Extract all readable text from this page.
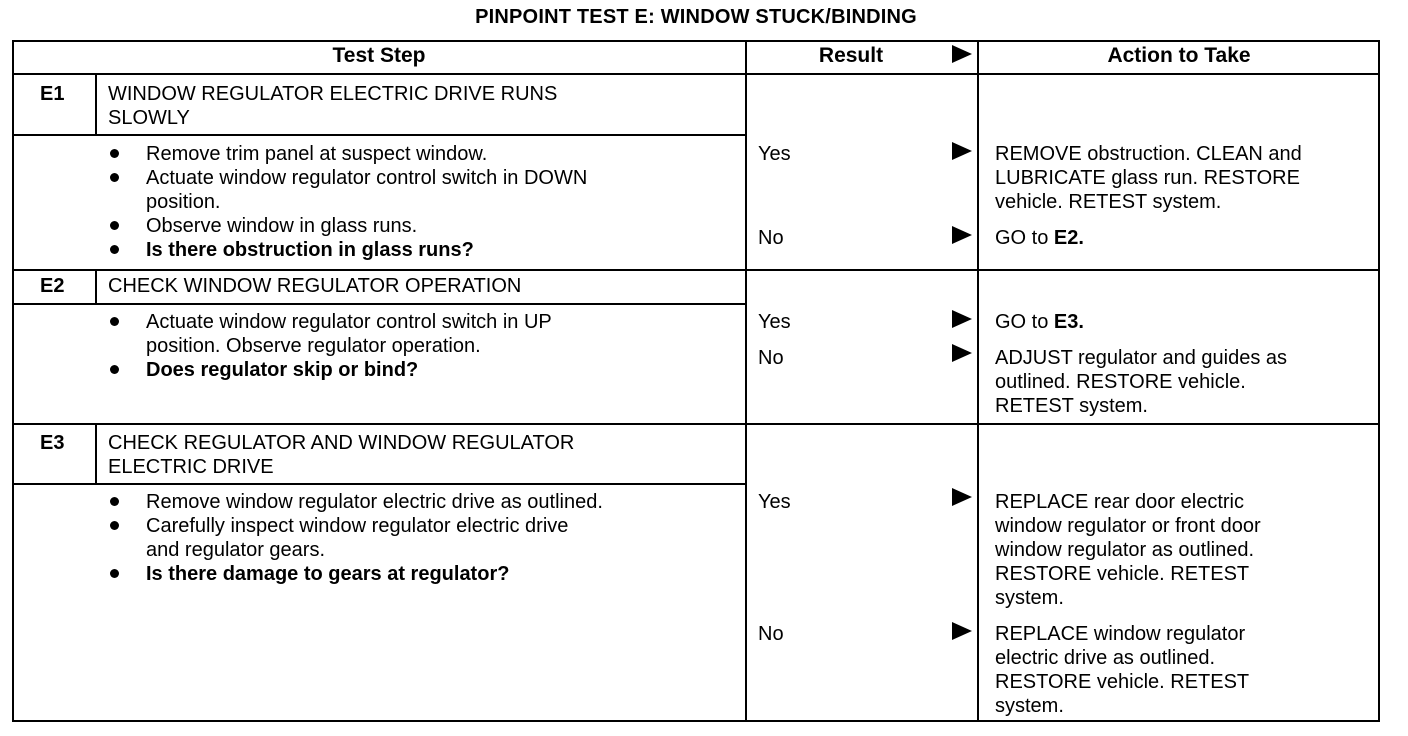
PINPOINT TEST E: WINDOW STUCK/BINDING
Test Step	Result	Action to Take
E1 WINDOW REGULATOR ELECTRIC DRIVE RUNS
SLOWLY
Remove trim panel at suspect window.
Actuate window regulator control switch in DOWN
position.
Observe window in glass runs.
Is there obstruction in glass runs?
Yes	REMOVE obstruction. CLEAN and
LUBRICATE glass run. RESTORE
vehicle. RETEST system.
No	GO to E2.
E2 CHECK WINDOW REGULATOR OPERATION
Actuate window regulator control switch in UP
position. Observe regulator operation.
Does regulator skip or bind?
Yes	GO to E3.
No	ADJUST regulator and guides as
outlined. RESTORE vehicle.
RETEST system.
E3 CHECK REGULATOR AND WINDOW REGULATOR
ELECTRIC DRIVE
Remove window regulator electric drive as outlined.
Carefully inspect window regulator electric drive
and regulator gears.
Is there damage to gears at regulator?
Yes	REPLACE rear door electric
window regulator or front door
window regulator as outlined.
RESTORE vehicle. RETEST
system.
No	REPLACE window regulator
electric drive as outlined.
RESTORE vehicle. RETEST
system.
